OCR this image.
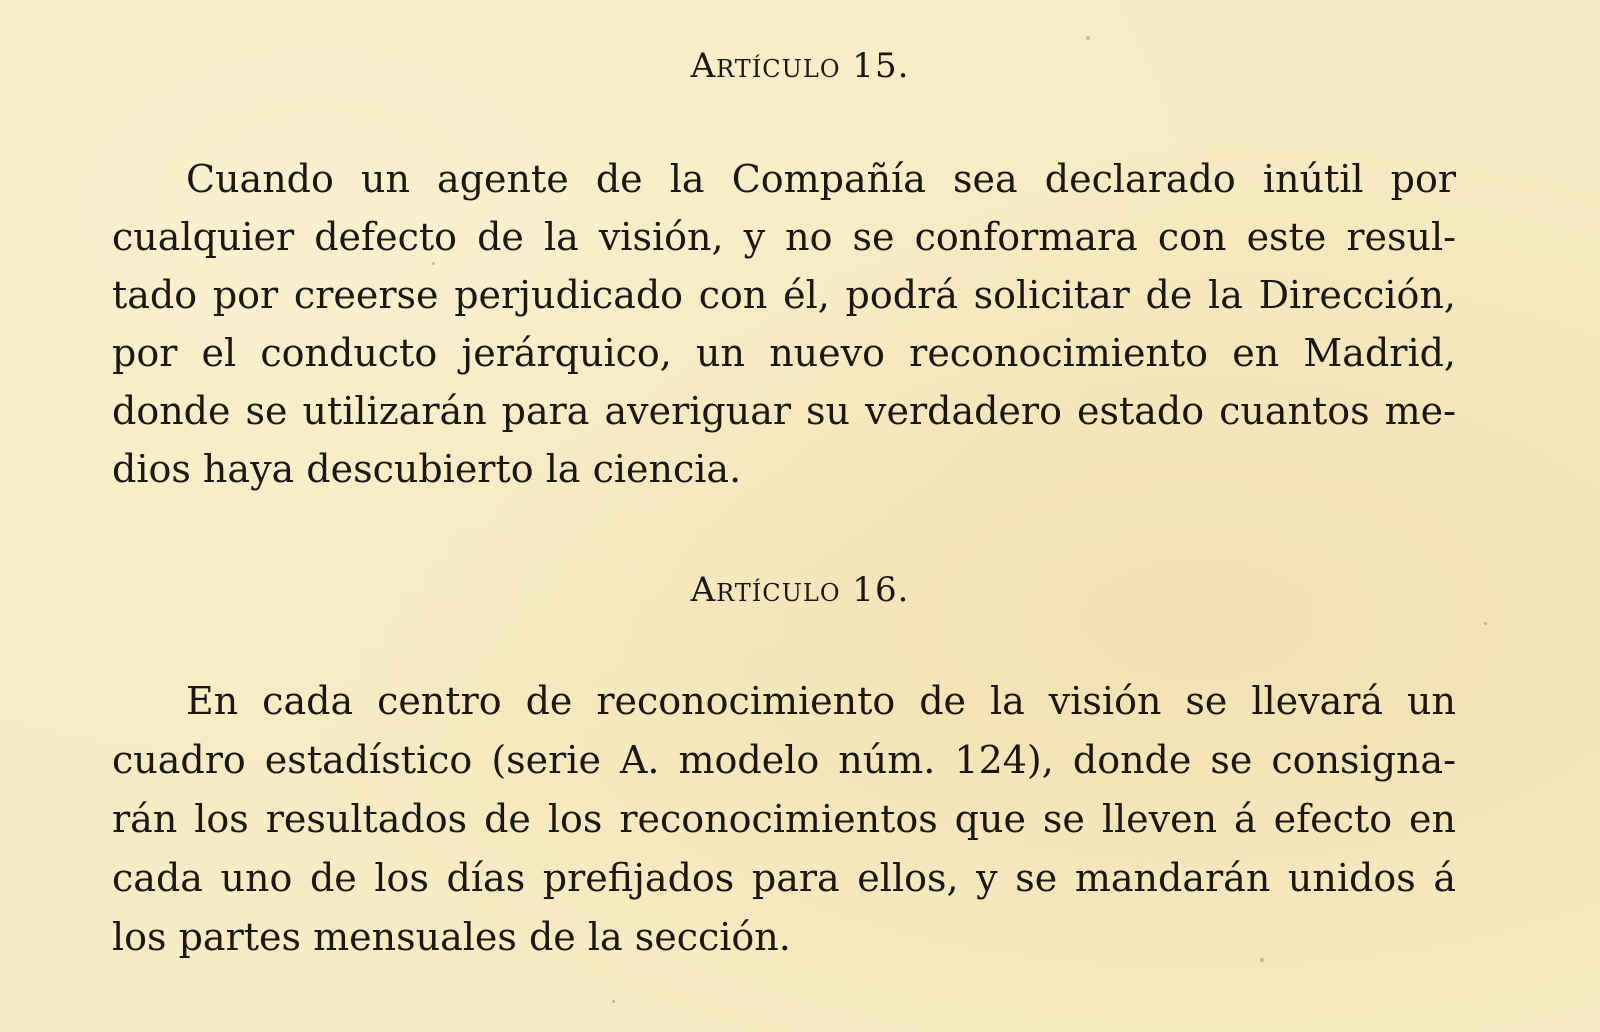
Artículo 15.
Cuando un agente de la Compañía sea declarado inútil por
cualquier defecto de la visión, y no se conformara con este resul-
tado por creerse perjudicado con él, podrá solicitar de la Dirección,
por el conducto jerárquico, un nuevo reconocimiento en Madrid,
donde se utilizarán para averiguar su verdadero estado cuantos me-
dios haya descubierto la ciencia.
Artículo 16.
En cada centro de reconocimiento de la visión se llevará un
cuadro estadístico (serie A. modelo núm. 124), donde se consigna-
rán los resultados de los reconocimientos que se lleven á efecto en
cada uno de los días prefijados para ellos, y se mandarán unidos á
los partes mensuales de la sección.
